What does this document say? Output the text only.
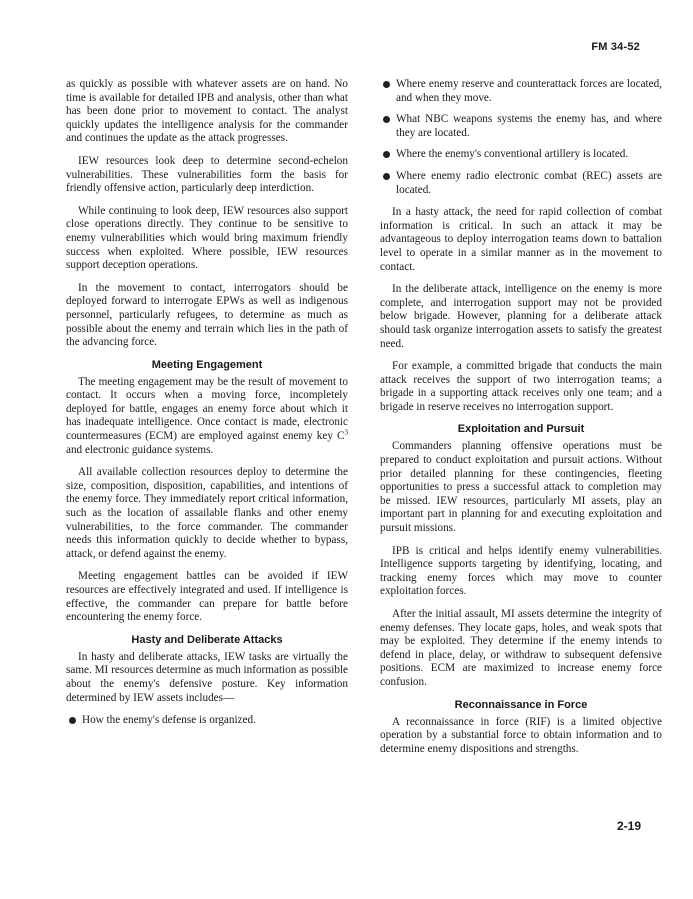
FM 34-52

as quickly as possible with whatever assets are on hand. No time is available for detailed IPB and analysis, other than what has been done prior to movement to contact. The analyst quickly updates the intelligence analysis for the commander and continues the update as the attack progresses.

IEW resources look deep to determine second-echelon vulnerabilities. These vulnerabilities form the basis for friendly offensive action, particularly deep interdiction.

While continuing to look deep, IEW resources also support close operations directly. They continue to be sensitive to enemy vulnerabilities which would bring maximum friendly success when exploited. Where possible, IEW resources support deception operations.

In the movement to contact, interrogators should be deployed forward to interrogate EPWs as well as indigenous personnel, particularly refugees, to determine as much as possible about the enemy and terrain which lies in the path of the advancing force.

Meeting Engagement

The meeting engagement may be the result of movement to contact. It occurs when a moving force, incompletely deployed for battle, engages an enemy force about which it has inadequate intelligence. Once contact is made, electronic countermeasures (ECM) are employed against enemy key $C^3$ and electronic guidance systems.

All available collection resources deploy to determine the size, composition, disposition, capabilities, and intentions of the enemy force. They immediately report critical information, such as the location of assailable flanks and other enemy vulnerabilities, to the force commander. The commander needs this information quickly to decide whether to bypass, attack, or defend against the enemy.

Meeting engagement battles can be avoided if IEW resources are effectively integrated and used. If intelligence is effective, the commander can prepare for battle before encountering the enemy force.

Hasty and Deliberate Attacks

In hasty and deliberate attacks, IEW tasks are virtually the same. MI resources determine as much information as possible about the enemy's defensive posture. Key information determined by IEW assets includes—

How the enemy's defense is organized.
Where enemy reserve and counterattack forces are located, and when they move.
What NBC weapons systems the enemy has, and where they are located.
Where the enemy's conventional artillery is located.
Where enemy radio electronic combat (REC) assets are located.

In a hasty attack, the need for rapid collection of combat information is critical. In such an attack it may be advantageous to deploy interrogation teams down to battalion level to operate in a similar manner as in the movement to contact.

In the deliberate attack, intelligence on the enemy is more complete, and interrogation support may not be provided below brigade. However, planning for a deliberate attack should task organize interrogation assets to satisfy the greatest need.

For example, a committed brigade that conducts the main attack receives the support of two interrogation teams; a brigade in a supporting attack receives only one team; and a brigade in reserve receives no interrogation support.

Exploitation and Pursuit

Commanders planning offensive operations must be prepared to conduct exploitation and pursuit actions. Without prior detailed planning for these contingencies, fleeting opportunities to press a successful attack to completion may be missed. IEW resources, particularly MI assets, play an important part in planning for and executing exploitation and pursuit missions.

IPB is critical and helps identify enemy vulnerabilities. Intelligence supports targeting by identifying, locating, and tracking enemy forces which may move to counter exploitation forces.

After the initial assault, MI assets determine the integrity of enemy defenses. They locate gaps, holes, and weak spots that may be exploited. They determine if the enemy intends to defend in place, delay, or withdraw to subsequent defensive positions. ECM are maximized to increase enemy force confusion.

Reconnaissance in Force

A reconnaissance in force (RIF) is a limited objective operation by a substantial force to obtain information and to determine enemy dispositions and strengths.

2-19
